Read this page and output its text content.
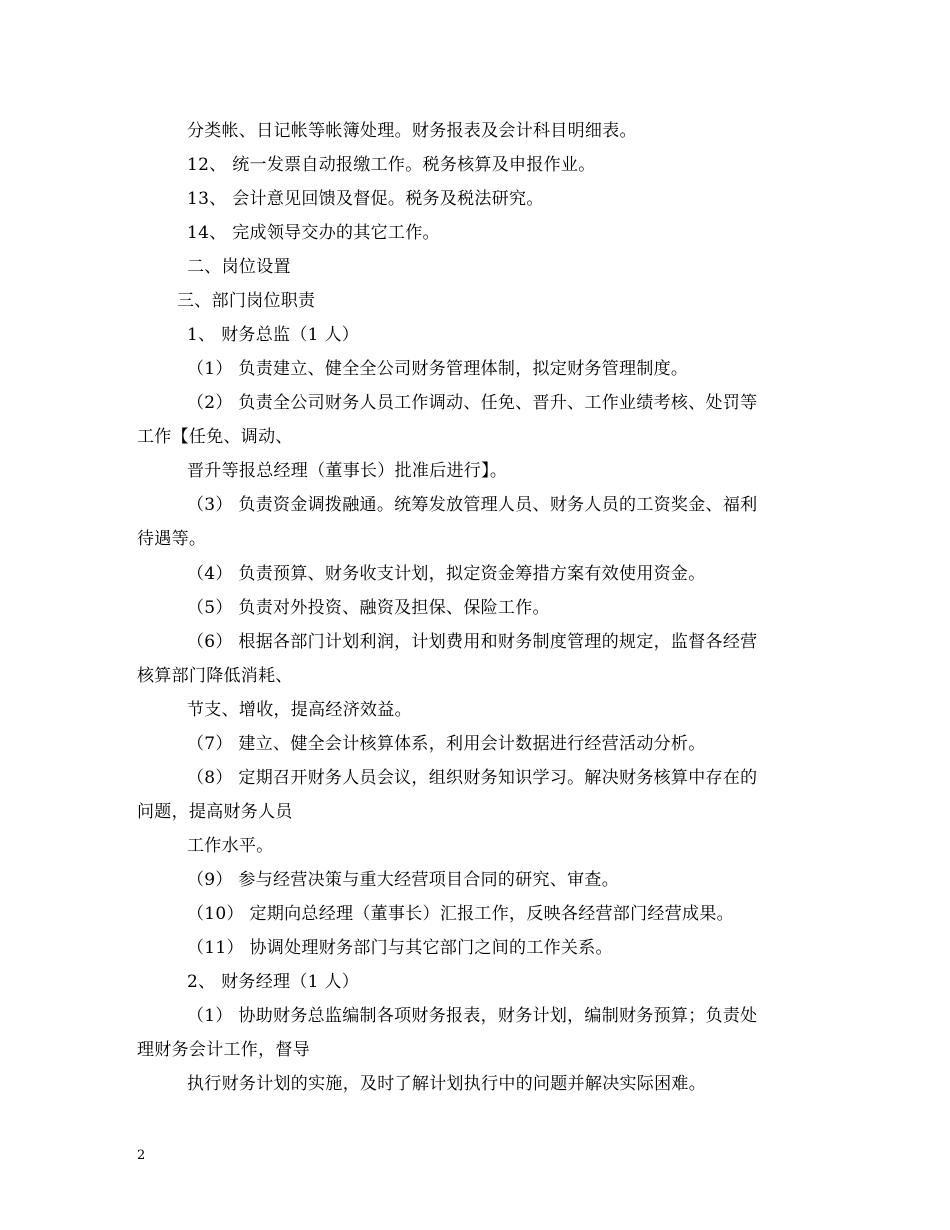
分类帐、日记帐等帐簿处理。财务报表及会计科目明细表。
12、 统一发票自动报缴工作。税务核算及申报作业。
13、 会计意见回馈及督促。税务及税法研究。
14、 完成领导交办的其它工作。
二、岗位设置
三、部门岗位职责
1、 财务总监（1 人）
（1） 负责建立、健全全公司财务管理体制，拟定财务管理制度。
（2） 负责全公司财务人员工作调动、任免、晋升、工作业绩考核、处罚等
工作【任免、调动、
晋升等报总经理（董事长）批准后进行】。
（3） 负责资金调拨融通。统筹发放管理人员、财务人员的工资奖金、福利
待遇等。
（4） 负责预算、财务收支计划，拟定资金筹措方案有效使用资金。
（5） 负责对外投资、融资及担保、保险工作。
（6） 根据各部门计划利润，计划费用和财务制度管理的规定，监督各经营
核算部门降低消耗、
节支、增收，提高经济效益。
（7） 建立、健全会计核算体系，利用会计数据进行经营活动分析。
（8） 定期召开财务人员会议，组织财务知识学习。解决财务核算中存在的
问题，提高财务人员
工作水平。
（9） 参与经营决策与重大经营项目合同的研究、审查。
（10） 定期向总经理（董事长）汇报工作，反映各经营部门经营成果。
（11） 协调处理财务部门与其它部门之间的工作关系。
2、 财务经理（1 人）
（1） 协助财务总监编制各项财务报表，财务计划，编制财务预算；负责处
理财务会计工作，督导
执行财务计划的实施，及时了解计划执行中的问题并解决实际困难。
2
